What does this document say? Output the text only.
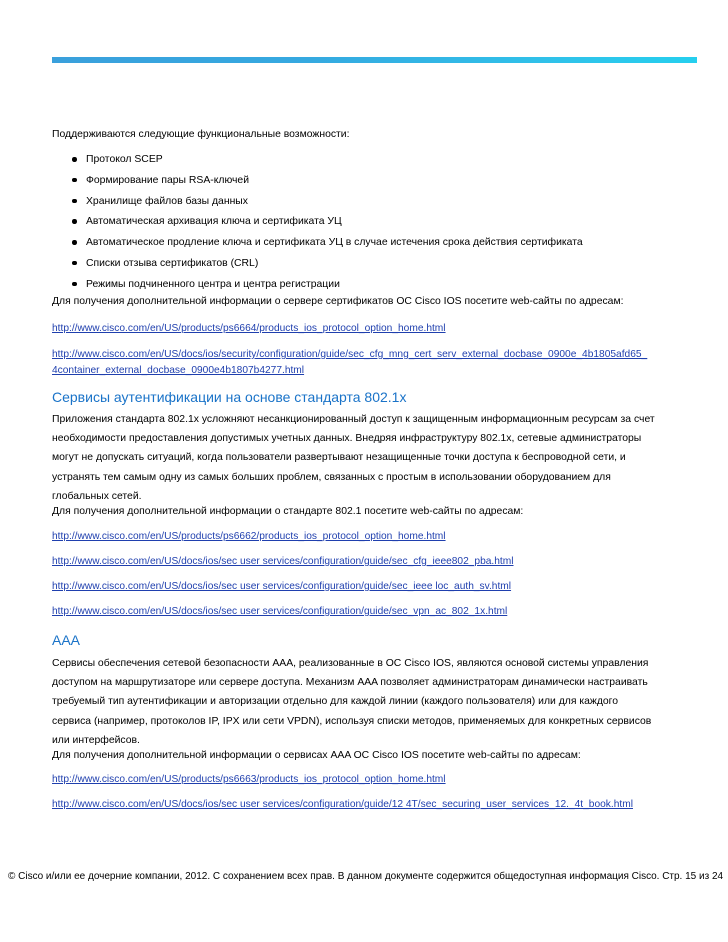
Поддерживаются следующие функциональные возможности:
Протокол SCEP
Формирование пары RSA-ключей
Хранилище файлов базы данных
Автоматическая архивация ключа и сертификата УЦ
Автоматическое продление ключа и сертификата УЦ в случае истечения срока действия сертификата
Списки отзыва сертификатов (CRL)
Режимы подчиненного центра и центра регистрации
Для получения дополнительной информации о сервере сертификатов ОС Cisco IOS посетите web-сайты по адресам:
http://www.cisco.com/en/US/products/ps6664/products_ios_protocol_option_home.html
http://www.cisco.com/en/US/docs/ios/security/configuration/guide/sec_cfg_mng_cert_serv_external_docbase_0900e_4b1805afd65_
4container_external_docbase_0900e4b1807b4277.html
Сервисы аутентификации на основе стандарта 802.1x
Приложения стандарта 802.1x усложняют несанкционированный доступ к защищенным информационным ресурсам за счет
необходимости предоставления допустимых учетных данных. Внедряя инфраструктуру 802.1x, сетевые администраторы
могут не допускать ситуаций, когда пользователи развертывают незащищенные точки доступа к беспроводной сети, и
устранять тем самым одну из самых больших проблем, связанных с простым в использовании оборудованием для
глобальных сетей.
Для получения дополнительной информации о стандарте 802.1 посетите web-сайты по адресам:
http://www.cisco.com/en/US/products/ps6662/products_ios_protocol_option_home.html
http://www.cisco.com/en/US/docs/ios/sec user services/configuration/guide/sec_cfg_ieee802_pba.html
http://www.cisco.com/en/US/docs/ios/sec user services/configuration/guide/sec_ieee loc_auth_sv.html
http://www.cisco.com/en/US/docs/ios/sec user services/configuration/guide/sec_vpn_ac_802_1x.html
AAA
Сервисы обеспечения сетевой безопасности AAA, реализованные в ОС Cisco IOS, являются основой системы управления
доступом на маршрутизаторе или сервере доступа. Механизм AAA позволяет администраторам динамически настраивать
требуемый тип аутентификации и авторизации отдельно для каждой линии (каждого пользователя) или для каждого
сервиса (например, протоколов IP, IPX или сети VPDN), используя списки методов, применяемых для конкретных сервисов
или интерфейсов.
Для получения дополнительной информации о сервисах AAA ОС Cisco IOS посетите web-сайты по адресам:
http://www.cisco.com/en/US/products/ps6663/products_ios_protocol_option_home.html
http://www.cisco.com/en/US/docs/ios/sec user services/configuration/guide/12 4T/sec_securing_user_services_12._4t_book.html
© Cisco и/или ее дочерние компании, 2012. С сохранением всех прав. В данном документе содержится общедоступная информация Cisco. Стр. 15 из 24
